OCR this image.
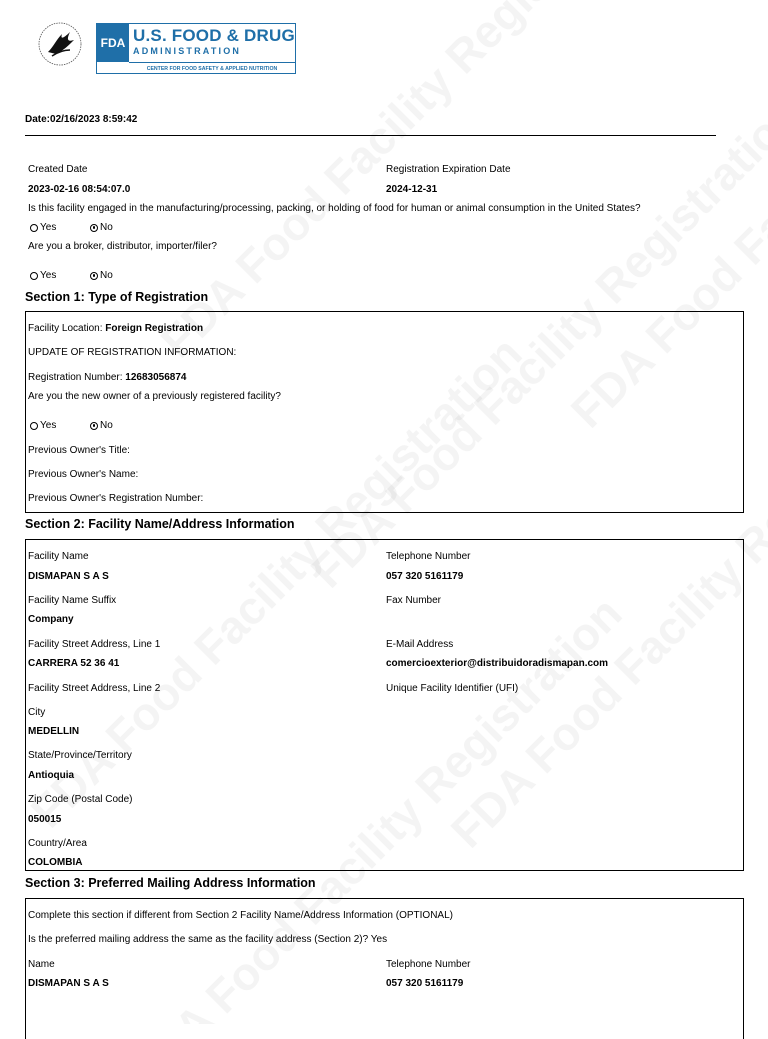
FDA U.S. FOOD & DRUG
ADMINISTRATION
CENTER FOR FOOD SAFETY & APPLIED NUTRITION
Date:02/16/2023 8:59:42
Created Date
2023-02-16 08:54:07.0
Registration Expiration Date
2024-12-31
Is this facility engaged in the manufacturing/processing, packing, or holding of food for human or animal consumption in the United States?
Yes	No
Are you a broker, distributor, importer/filer?
Yes	No
Section 1: Type of Registration
Facility Location: Foreign Registration
UPDATE OF REGISTRATION INFORMATION:
Registration Number: 12683056874
Are you the new owner of a previously registered facility?
Yes	No
Previous Owner's Title:
Previous Owner's Name:
Previous Owner's Registration Number:
Section 2: Facility Name/Address Information
Facility Name
DISMAPAN S A S
Telephone Number
057 320 5161179
Facility Name Suffix
Company
Fax Number
Facility Street Address, Line 1
CARRERA 52 36 41
E-Mail Address
comercioexterior@distribuidoradismapan.com
Facility Street Address, Line 2	Unique Facility Identifier (UFI)
City
MEDELLIN
State/Province/Territory
Antioquia
Zip Code (Postal Code)
050015
Country/Area
COLOMBIA
Section 3: Preferred Mailing Address Information
Complete this section if different from Section 2 Facility Name/Address Information (OPTIONAL)
Is the preferred mailing address the same as the facility address (Section 2)? Yes
Name
DISMAPAN S A S
Telephone Number
057 320 5161179
